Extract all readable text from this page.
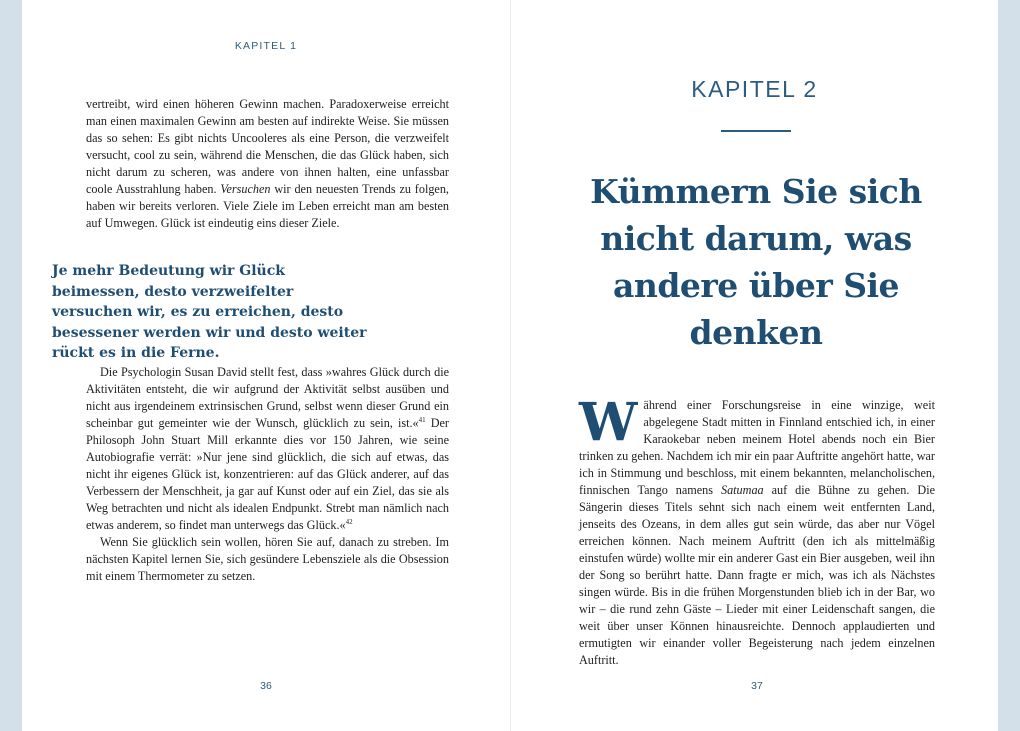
KAPITEL 1

vertreibt, wird einen höheren Gewinn machen. Paradoxerweise erreicht man einen maximalen Gewinn am besten auf indirekte Weise. Sie müssen das so sehen: Es gibt nichts Uncooleres als eine Person, die verzweifelt versucht, cool zu sein, während die Menschen, die das Glück haben, sich nicht darum zu scheren, was andere von ihnen halten, eine unfassbar coole Ausstrahlung haben. Versuchen wir den neuesten Trends zu folgen, haben wir bereits verloren. Viele Ziele im Leben erreicht man am besten auf Umwegen. Glück ist eindeutig eins dieser Ziele.

Je mehr Bedeutung wir Glück beimessen, desto verzweifelter versuchen wir, es zu erreichen, desto besessener werden wir und desto weiter rückt es in die Ferne.

Die Psychologin Susan David stellt fest, dass »wahres Glück durch die Aktivitäten entsteht, die wir aufgrund der Aktivität selbst ausüben und nicht aus irgendeinem extrinsischen Grund, selbst wenn dieser Grund ein scheinbar gut gemeinter wie der Wunsch, glücklich zu sein, ist.«$^{41}$ Der Philosoph John Stuart Mill erkannte dies vor 150 Jahren, wie seine Autobiografie verrät: »Nur jene sind glücklich, die sich auf etwas, das nicht ihr eigenes Glück ist, konzentrieren: auf das Glück anderer, auf das Verbessern der Menschheit, ja gar auf Kunst oder auf ein Ziel, das sie als Weg betrachten und nicht als idealen Endpunkt. Strebt man nämlich nach etwas anderem, so findet man unterwegs das Glück.«$^{42}$

Wenn Sie glücklich sein wollen, hören Sie auf, danach zu streben. Im nächsten Kapitel lernen Sie, sich gesündere Lebensziele als die Obsession mit einem Thermometer zu setzen.

36
KAPITEL 2
Kümmern Sie sich nicht darum, was andere über Sie denken

Während einer Forschungsreise in eine winzige, weit abgelegene Stadt mitten in Finnland entschied ich, in einer Karaokebar neben meinem Hotel abends noch ein Bier trinken zu gehen. Nachdem ich mir ein paar Auftritte angehört hatte, war ich in Stimmung und beschloss, mit einem bekannten, melancholischen, finnischen Tango namens Satumaa auf die Bühne zu gehen. Die Sängerin dieses Titels sehnt sich nach einem weit entfernten Land, jenseits des Ozeans, in dem alles gut sein würde, das aber nur Vögel erreichen können. Nach meinem Auftritt (den ich als mittelmäßig einstufen würde) wollte mir ein anderer Gast ein Bier ausgeben, weil ihn der Song so berührt hatte. Dann fragte er mich, was ich als Nächstes singen würde. Bis in die frühen Morgenstunden blieb ich in der Bar, wo wir – die rund zehn Gäste – Lieder mit einer Leidenschaft sangen, die weit über unser Können hinausreichte. Dennoch applaudierten und ermutigten wir einander voller Begeisterung nach jedem einzelnen Auftritt.

37
